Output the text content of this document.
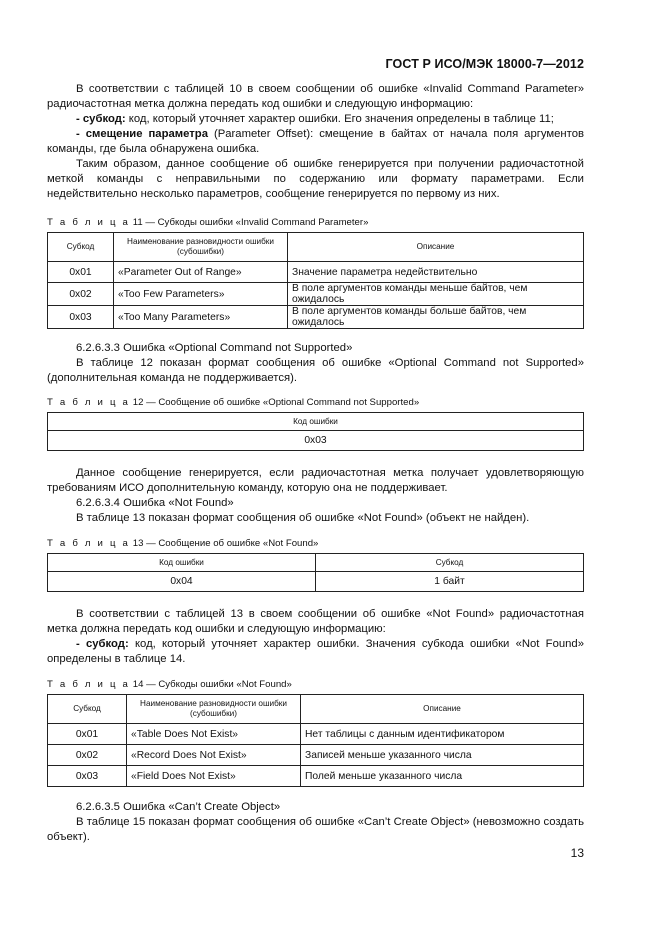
ГОСТ Р ИСО/МЭК 18000-7—2012

В соответствии с таблицей 10 в своем сообщении об ошибке «Invalid Command Parameter» радиочастотная метка должна передать код ошибки и следующую информацию:

- субкод: код, который уточняет характер ошибки. Его значения определены в таблице 11;

- смещение параметра (Parameter Offset): смещение в байтах от начала поля аргументов команды, где была обнаружена ошибка.

Таким образом, данное сообщение об ошибке генерируется при получении радиочастотной меткой команды с неправильными по содержанию или формату параметрами. Если недействительно несколько параметров, сообщение генерируется по первому из них.

Т а б л и ц а 11 — Субкоды ошибки «Invalid Command Parameter»

Субкод	Наименование разновидности ошибки (субошибки)	Описание
0x01	«Parameter Out of Range»	Значение параметра недействительно
0x02	«Too Few Parameters»	В поле аргументов команды меньше байтов, чем ожидалось
0x03	«Too Many Parameters»	В поле аргументов команды больше байтов, чем ожидалось

6.2.6.3.3 Ошибка «Optional Command not Supported»

В таблице 12 показан формат сообщения об ошибке «Optional Command not Supported» (дополнительная команда не поддерживается).

Т а б л и ц а 12 — Сообщение об ошибке «Optional Command not Supported»

Код ошибки
0x03

Данное сообщение генерируется, если радиочастотная метка получает удовлетворяющую требованиям ИСО дополнительную команду, которую она не поддерживает.

6.2.6.3.4 Ошибка «Not Found»

В таблице 13 показан формат сообщения об ошибке «Not Found» (объект не найден).

Т а б л и ц а 13 — Сообщение об ошибке «Not Found»

Код ошибки	Субкод
0x04	1 байт

В соответствии с таблицей 13 в своем сообщении об ошибке «Not Found» радиочастотная метка должна передать код ошибки и следующую информацию:

- субкод: код, который уточняет характер ошибки. Значения субкода ошибки «Not Found» определены в таблице 14.

Т а б л и ц а 14 — Субкоды ошибки «Not Found»

Субкод	Наименование разновидности ошибки (субошибки)	Описание
0x01	«Table Does Not Exist»	Нет таблицы с данным идентификатором
0x02	«Record Does Not Exist»	Записей меньше указанного числа
0x03	«Field Does Not Exist»	Полей меньше указанного числа

6.2.6.3.5 Ошибка «Can’t Create Object»

В таблице 15 показан формат сообщения об ошибке «Can’t Create Object» (невозможно создать объект).

13
